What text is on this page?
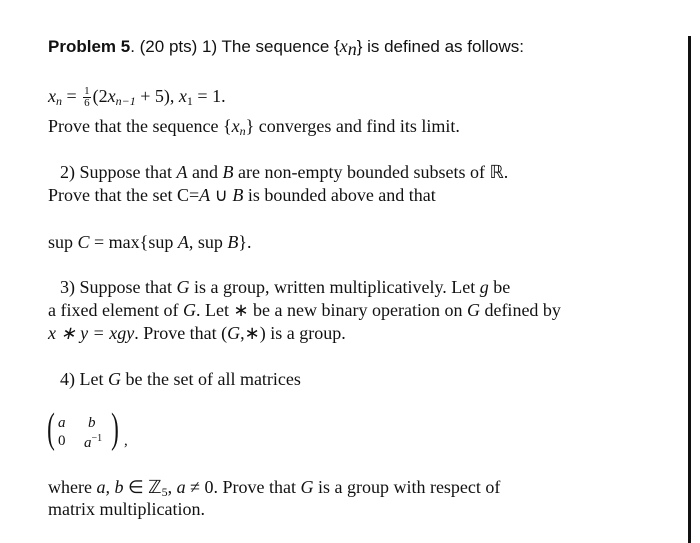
Problem 5. (20 pts) 1) The sequence $\{x_n\}$ is defined as follows:
$x_n = \frac{1}{6} (2x_{n-1} + 5)$, $x_1 = 1$.
Prove that the sequence $\{x_n\}$ converges and find its limit.
2) Suppose that A and B are non-empty bounded subsets of ℝ.
Prove that the set C=A ∪ B is bounded above and that
sup C = max{sup A, sup B}.
3) Suppose that G is a group, written multiplicatively. Let g be
a fixed element of G. Let ∗ be a new binary operation on G defined by
x ∗ y = xgy. Prove that (G,∗) is a group.
4) Let G be the set of all matrices
( a b
0 $a^{-1}$ ) ,
where a, b ∈ ℤ$_5$, a ≠ 0. Prove that G is a group with respect of
matrix multiplication.
